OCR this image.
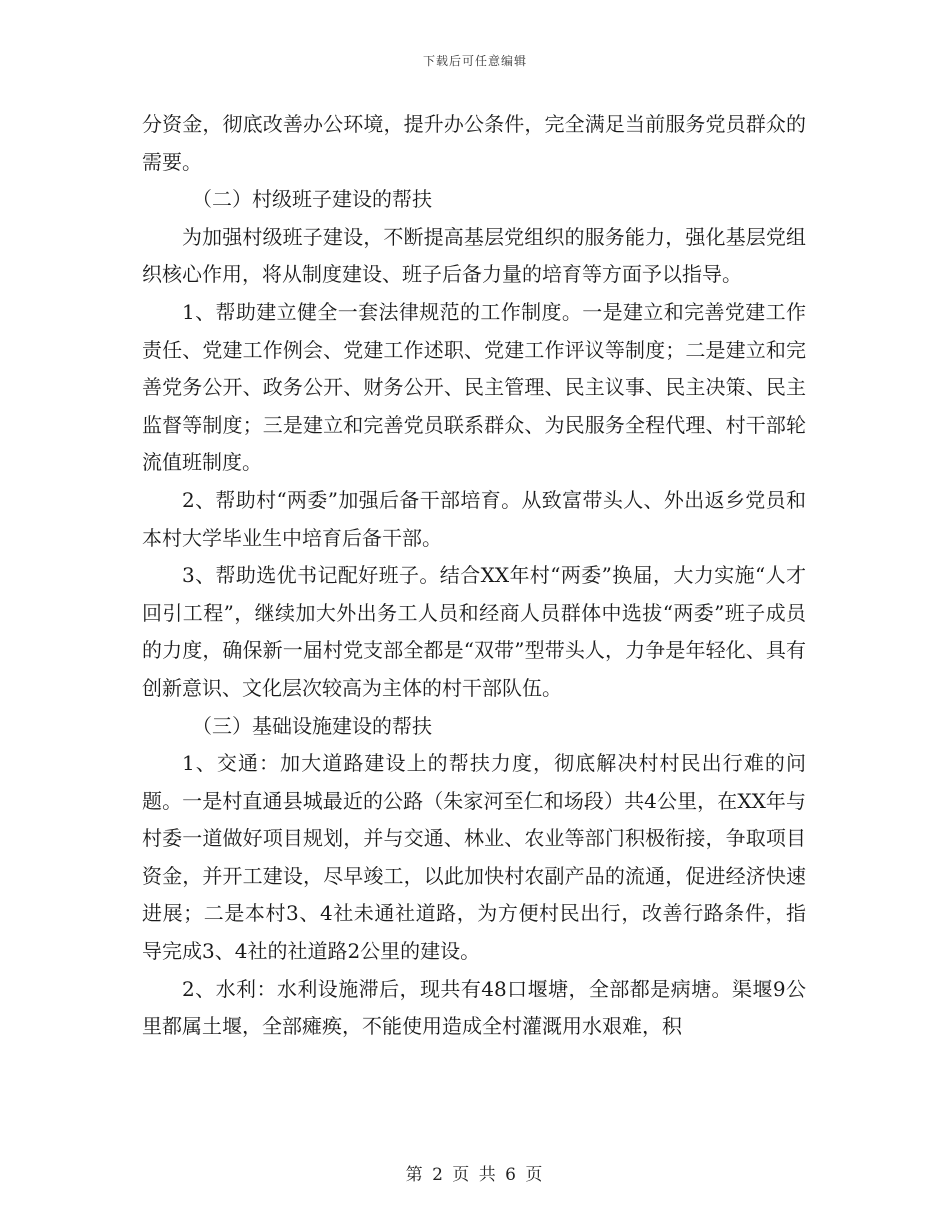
下载后可任意编辑

分资金，彻底改善办公环境，提升办公条件，完全满足当前服务党员群众的需要。

（二）村级班子建设的帮扶

为加强村级班子建设，不断提高基层党组织的服务能力，强化基层党组织核心作用，将从制度建设、班子后备力量的培育等方面予以指导。

1、帮助建立健全一套法律规范的工作制度。一是建立和完善党建工作责任、党建工作例会、党建工作述职、党建工作评议等制度；二是建立和完善党务公开、政务公开、财务公开、民主管理、民主议事、民主决策、民主监督等制度；三是建立和完善党员联系群众、为民服务全程代理、村干部轮流值班制度。

2、帮助村“两委”加强后备干部培育。从致富带头人、外出返乡党员和本村大学毕业生中培育后备干部。

3、帮助选优书记配好班子。结合XX年村“两委”换届，大力实施“人才回引工程”，继续加大外出务工人员和经商人员群体中选拔“两委”班子成员的力度，确保新一届村党支部全都是“双带”型带头人，力争是年轻化、具有创新意识、文化层次较高为主体的村干部队伍。

（三）基础设施建设的帮扶

1、交通：加大道路建设上的帮扶力度，彻底解决村村民出行难的问题。一是村直通县城最近的公路（朱家河至仁和场段）共4公里，在XX年与村委一道做好项目规划，并与交通、林业、农业等部门积极衔接，争取项目资金，并开工建设，尽早竣工，以此加快村农副产品的流通，促进经济快速进展；二是本村3、4社未通社道路，为方便村民出行，改善行路条件，指导完成3、4社的社道路2公里的建设。

2、水利：水利设施滞后，现共有48口堰塘，全部都是病塘。渠堰9公里都属土堰，全部瘫痪，不能使用造成全村灌溉用水艰难，积

第 2 页 共 6 页
